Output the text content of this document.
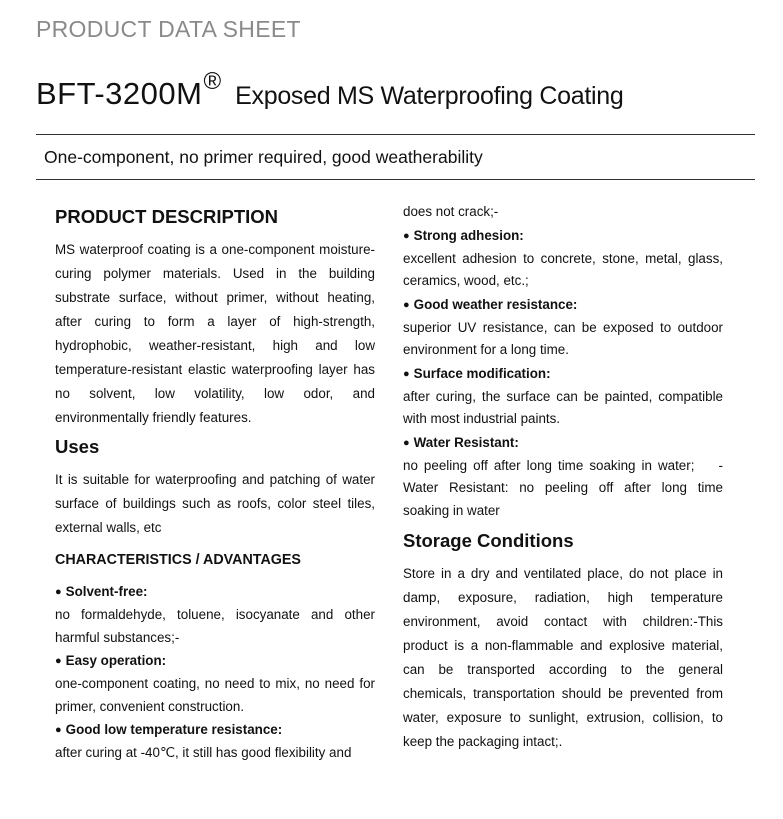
PRODUCT DATA SHEET
BFT-3200M®Exposed MS Waterproofing Coating
One-component, no primer required, good weatherability
PRODUCT DESCRIPTION

MS waterproof coating is a one-component moisture-curing polymer materials. Used in the building substrate surface, without primer, without heating, after curing to form a layer of high-strength, hydrophobic, weather-resistant, high and low temperature-resistant elastic waterproofing layer has no solvent, low volatility, low odor, and environmentally friendly features.

Uses

It is suitable for waterproofing and patching of water surface of buildings such as roofs, color steel tiles, external walls, etc

CHARACTERISTICS / ADVANTAGES
● Solvent-free:

no formaldehyde, toluene, isocyanate and other harmful substances;-

● Easy operation:

one-component coating, no need to mix, no need for primer, convenient construction.

● Good low temperature resistance:

after curing at -40℃, it still has good flexibility and

does not crack;-

● Strong adhesion:

excellent adhesion to concrete, stone, metal, glass, ceramics, wood, etc.;

● Good weather resistance:

superior UV resistance, can be exposed to outdoor environment for a long time.

● Surface modification:

after curing, the surface can be painted, compatible with most industrial paints.

● Water Resistant:

no peeling off after long time soaking in water;    - Water Resistant: no peeling off after long time soaking in water

Storage Conditions

Store in a dry and ventilated place, do not place in damp, exposure, radiation, high temperature environment, avoid contact with children:-This product is a non-flammable and explosive material, can be transported according to the general chemicals, transportation should be prevented from water, exposure to sunlight, extrusion, collision, to keep the packaging intact;.
